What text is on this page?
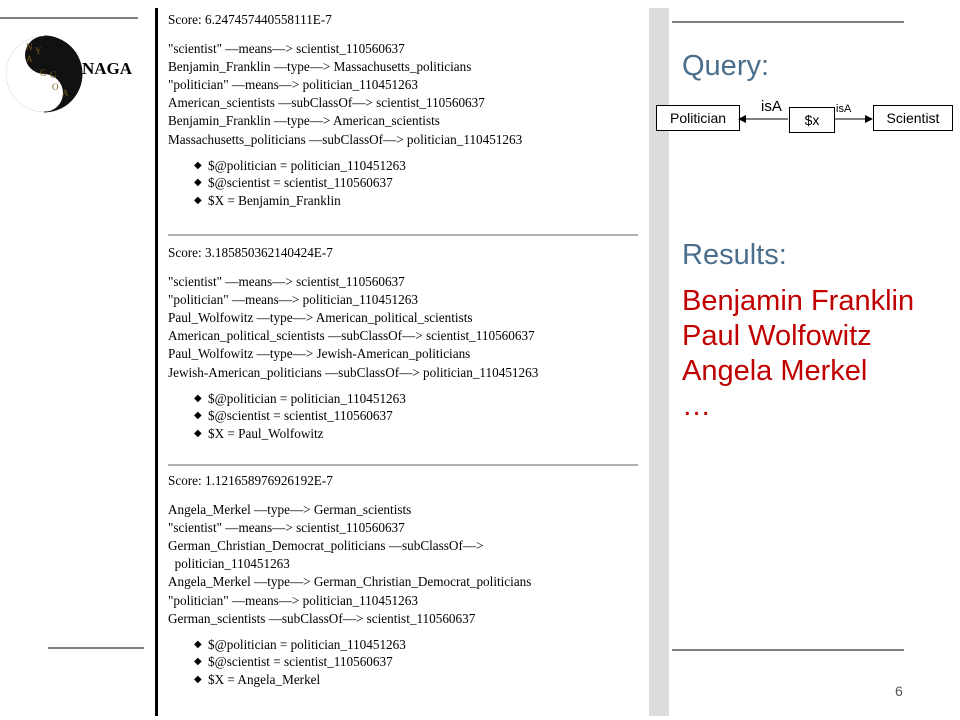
NAGA
N Y
A
G G
O
A
Score: 6.247457440558111E-7
"scientist" —means—> scientist_110560637
Benjamin_Franklin —type—> Massachusetts_politicians
"politician" —means—> politician_110451263
American_scientists —subClassOf—> scientist_110560637
Benjamin_Franklin —type—> American_scientists
Massachusetts_politicians —subClassOf—> politician_110451263
◆ $@politician = politician_110451263
◆ $@scientist = scientist_110560637
◆ $X = Benjamin_Franklin
Score: 3.185850362140424E-7
"scientist" —means—> scientist_110560637
"politician" —means—> politician_110451263
Paul_Wolfowitz —type—> American_political_scientists
American_political_scientists —subClassOf—> scientist_110560637
Paul_Wolfowitz —type—> Jewish-American_politicians
Jewish-American_politicians —subClassOf—> politician_110451263
◆ $@politician = politician_110451263
◆ $@scientist = scientist_110560637
◆ $X = Paul_Wolfowitz
Score: 1.121658976926192E-7
Angela_Merkel —type—> German_scientists
"scientist" —means—> scientist_110560637
German_Christian_Democrat_politicians —subClassOf—>
politician_110451263
Angela_Merkel —type—> German_Christian_Democrat_politicians
"politician" —means—> politician_110451263
German_scientists —subClassOf—> scientist_110560637
◆ $@politician = politician_110451263
◆ $@scientist = scientist_110560637
◆ $X = Angela_Merkel
Query:
Politician	$x	Scientist
isA	isA
Results:
Benjamin Franklin
Paul Wolfowitz
Angela Merkel
…
6
